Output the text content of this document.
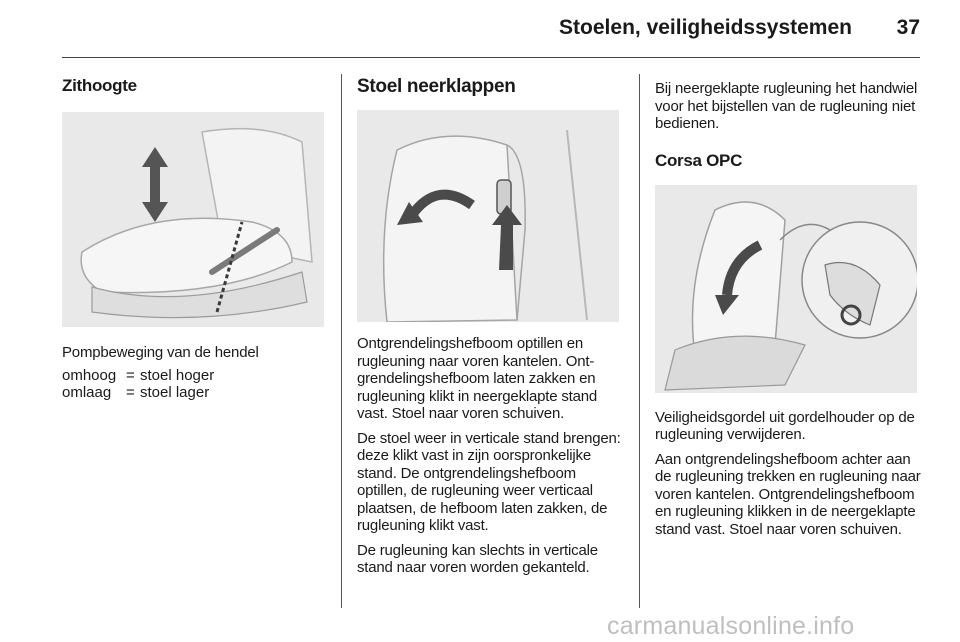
Stoelen, veiligheidssystemen 37
Zithoogte

Pompbeweging van de hendel

omhoog = stoel hoger
omlaag = stoel lager
Stoel neerklappen

Ontgrendelingshefboom optillen en rugleuning naar voren kantelen. Ontgrendelingshefboom laten zakken en rugleuning klikt in neergeklapte stand vast. Stoel naar voren schuiven.

De stoel weer in verticale stand brengen: deze klikt vast in zijn oorspronkelijke stand. De ontgrendelingshefboom optillen, de rugleuning weer verticaal plaatsen, de hefboom laten zakken, de rugleuning klikt vast.

De rugleuning kan slechts in verticale stand naar voren worden gekanteld.

Bij neergeklapte rugleuning het handwiel voor het bijstellen van de rugleuning niet bedienen.

Corsa OPC

Veiligheidsgordel uit gordelhouder op de rugleuning verwijderen.

Aan ontgrendelingshefboom achter aan de rugleuning trekken en rugleuning naar voren kantelen. Ontgrendelingshefboom en rugleuning klikken in de neergeklapte stand vast. Stoel naar voren schuiven.

carmanualsonline.info
